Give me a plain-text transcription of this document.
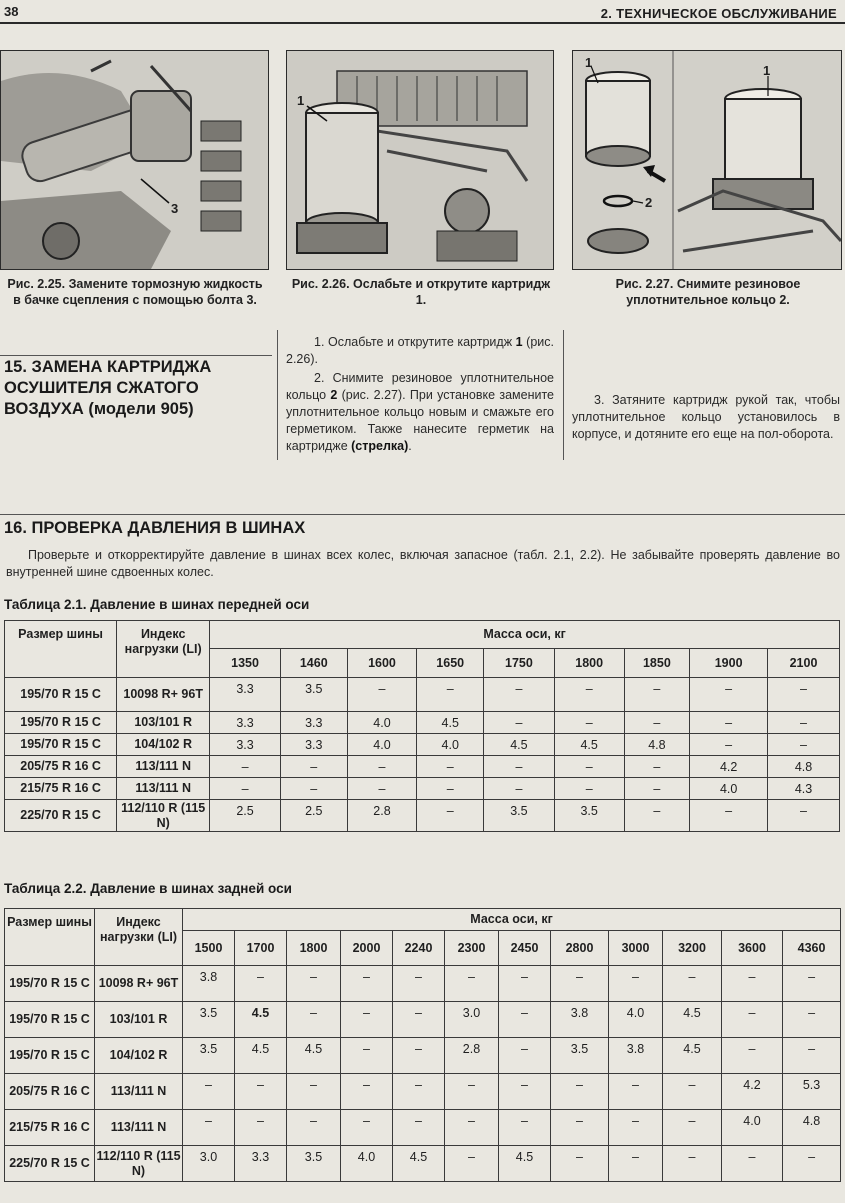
38	2. ТЕХНИЧЕСКОЕ ОБСЛУЖИВАНИЕ
3
Рис. 2.25. Замените тормозную жидкость в бачке сцепления с помощью болта 3.
1
Рис. 2.26. Ослабьте и открутите картридж 1.
1
2
1
Рис. 2.27. Снимите резиновое уплотнительное кольцо 2.
15. ЗАМЕНА КАРТРИДЖА
ОСУШИТЕЛЯ СЖАТОГО
ВОЗДУХА (модели 905)
1. Ослабьте и открутите картридж 1 (рис. 2.26).
2. Снимите резиновое уплотнительное кольцо 2 (рис. 2.27). При установке замените уплотнительное кольцо новым и смажьте его герметиком. Также нанесите герметик на картридже (стрелка).
3. Затяните картридж рукой так, чтобы уплотнительное кольцо установилось в корпусе, и дотяните его еще на пол-оборота.
16. ПРОВЕРКА ДАВЛЕНИЯ В ШИНАХ
Проверьте и откорректируйте давление в шинах всех колес, включая запасное (табл. 2.1, 2.2). Не забывайте проверять давление во внутренней шине сдвоенных колес.
Таблица 2.1. Давление в шинах передней оси
Размер шины	Индекс нагрузки (LI)	Масса оси, кг								
		1350	1460	1600	1650	1750	1800	1850	1900	2100
195/70 R 15 C	10098 R+ 96T	3.3	3.5	–	–	–	–	–	–	–
195/70 R 15 C	103/101 R	3.3	3.3	4.0	4.5	–	–	–	–	–
195/70 R 15 C	104/102 R	3.3	3.3	4.0	4.0	4.5	4.5	4.8	–	–
205/75 R 16 C	113/111 N	–	–	–	–	–	–	–	4.2	4.8
215/75 R 16 C	113/111 N	–	–	–	–	–	–	–	4.0	4.3
225/70 R 15 C	112/110 R (115 N)	2.5	2.5	2.8	–	3.5	3.5	–	–	–
Таблица 2.2. Давление в шинах задней оси
Размер шины	Индекс нагрузки (LI)	Масса оси, кг											
		1500	1700	1800	2000	2240	2300	2450	2800	3000	3200	3600	4360
195/70 R 15 C	10098 R+ 96T	3.8	–	–	–	–	–	–	–	–	–	–	–
195/70 R 15 C	103/101 R	3.5	4.5	–	–	–	3.0	–	3.8	4.0	4.5	–	–
195/70 R 15 C	104/102 R	3.5	4.5	4.5	–	–	2.8	–	3.5	3.8	4.5	–	–
205/75 R 16 C	113/111 N	–	–	–	–	–	–	–	–	–	–	4.2	5.3
215/75 R 16 C	113/111 N	–	–	–	–	–	–	–	–	–	–	4.0	4.8
225/70 R 15 C	112/110 R (115 N)	3.0	3.3	3.5	4.0	4.5	–	4.5	–	–	–	–	–
